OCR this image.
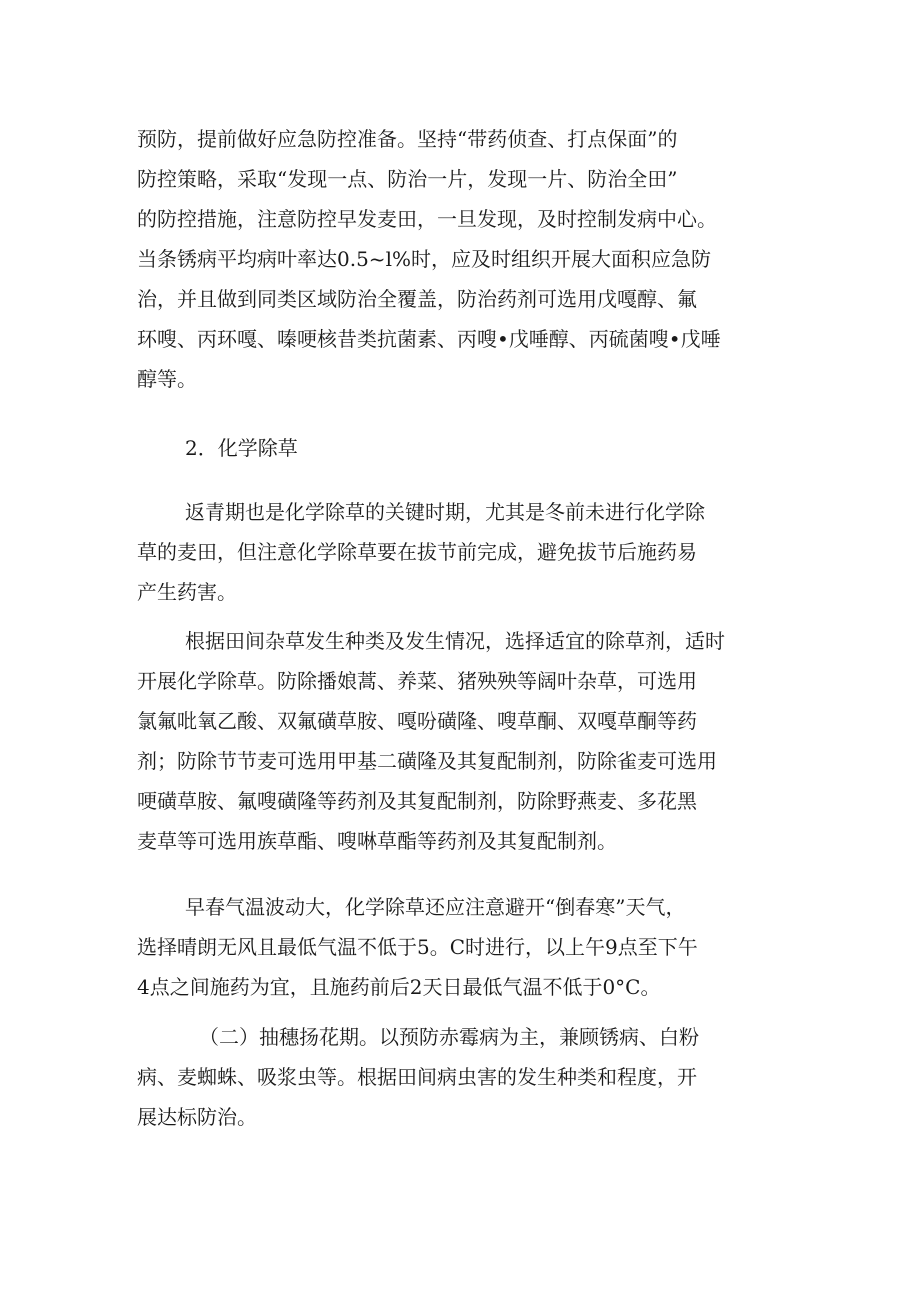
预防，提前做好应急防控准备。坚持“带药侦查、打点保面”的
防控策略，采取“发现一点、防治一片，发现一片、防治全田”
的防控措施，注意防控早发麦田，一旦发现，及时控制发病中心。
当条锈病平均病叶率达0.5~l%时，应及时组织开展大面积应急防
治，并且做到同类区域防治全覆盖，防治药剂可选用戊嘎醇、氟
环嗖、丙环嘎、嗪哽核昔类抗菌素、丙嗖•戊唾醇、丙硫菌嗖•戊唾
醇等。
2．化学除草
返青期也是化学除草的关键时期，尤其是冬前未进行化学除
草的麦田，但注意化学除草要在拔节前完成，避免拔节后施药易
产生药害。
根据田间杂草发生种类及发生情况，选择适宜的除草剂，适时
开展化学除草。防除播娘蒿、养菜、猪殃殃等阔叶杂草，可选用
氯氟吡氧乙酸、双氟磺草胺、嘎吩磺隆、嗖草酮、双嘎草酮等药
剂；防除节节麦可选用甲基二磺隆及其复配制剂，防除雀麦可选用
哽磺草胺、氟嗖磺隆等药剂及其复配制剂，防除野燕麦、多花黑
麦草等可选用族草酯、嗖啉草酯等药剂及其复配制剂。
早春气温波动大，化学除草还应注意避开“倒春寒”天气，
选择晴朗无风且最低气温不低于5。C时进行，以上午9点至下午
4点之间施药为宜，且施药前后2天日最低气温不低于0°C。
（二）抽穗扬花期。以预防赤霉病为主，兼顾锈病、白粉
病、麦蜘蛛、吸浆虫等。根据田间病虫害的发生种类和程度，开
展达标防治。
